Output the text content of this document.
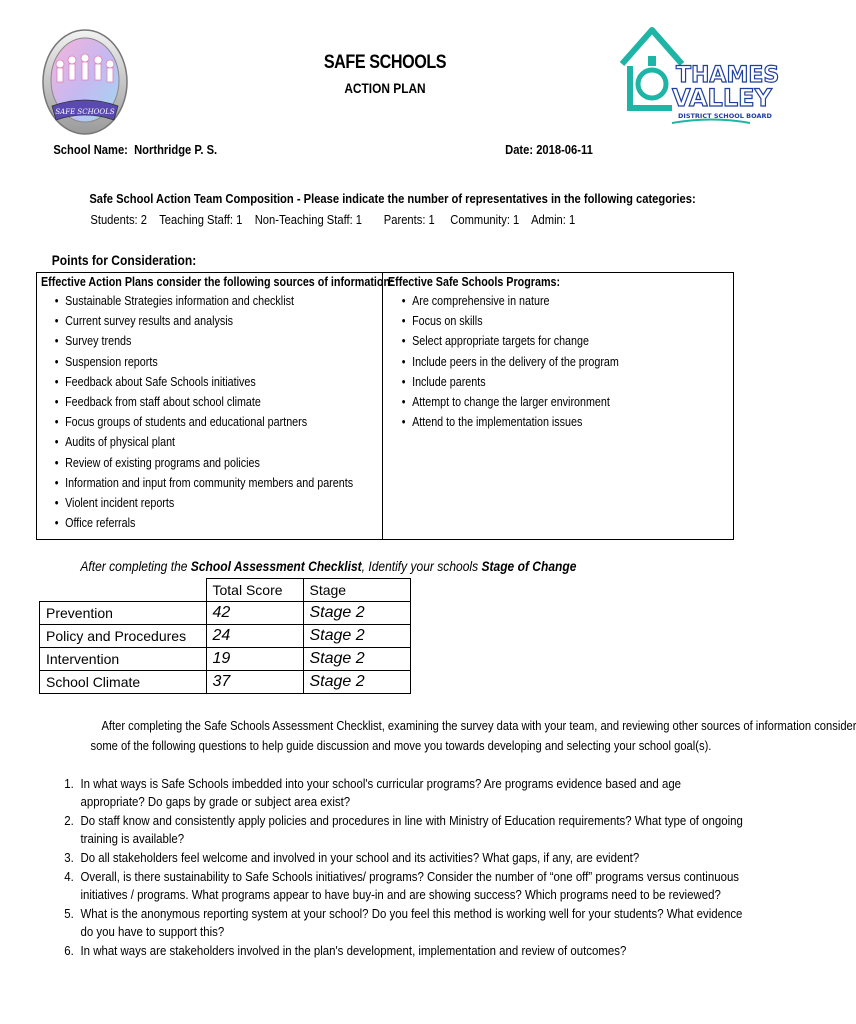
SAFE SCHOOLS
THAMES
VALLEY
DISTRICT SCHOOL BOARD
SAFE SCHOOLS
ACTION PLAN
School Name: Northridge P. S.	Date: 2018-06-11
Safe School Action Team Composition - Please indicate the number of representatives in the following categories:
Students: 2 Teaching Staff: 1 Non-Teaching Staff: 1 Parents: 1 Community: 1 Admin: 1
Points for Consideration:
Effective Action Plans consider the following sources of information:
• Sustainable Strategies information and checklist
• Current survey results and analysis
• Survey trends
• Suspension reports
• Feedback about Safe Schools initiatives
• Feedback from staff about school climate
• Focus groups of students and educational partners
• Audits of physical plant
• Review of existing programs and policies
• Information and input from community members and parents
• Violent incident reports
• Office referrals
Effective Safe Schools Programs:
• Are comprehensive in nature
• Focus on skills
• Select appropriate targets for change
• Include peers in the delivery of the program
• Include parents
• Attempt to change the larger environment
• Attend to the implementation issues
After completing the School Assessment Checklist, Identify your schools Stage of Change
	Total Score	Stage
Prevention	42	Stage 2
Policy and Procedures	24	Stage 2
Intervention	19	Stage 2
School Climate	37	Stage 2
After completing the Safe Schools Assessment Checklist, examining the survey data with your team, and reviewing other sources of information consider
some of the following questions to help guide discussion and move you towards developing and selecting your school goal(s).
1. In what ways is Safe Schools imbedded into your school's curricular programs? Are programs evidence based and age appropriate? Do gaps by grade or subject area exist?
2. Do staff know and consistently apply policies and procedures in line with Ministry of Education requirements? What type of ongoing training is available?
3. Do all stakeholders feel welcome and involved in your school and its activities? What gaps, if any, are evident?
4. Overall, is there sustainability to Safe Schools initiatives/ programs? Consider the number of “one off” programs versus continuous initiatives / programs. What programs appear to have buy-in and are showing success? Which programs need to be reviewed?
5. What is the anonymous reporting system at your school? Do you feel this method is working well for your students? What evidence do you have to support this?
6. In what ways are stakeholders involved in the plan's development, implementation and review of outcomes?
